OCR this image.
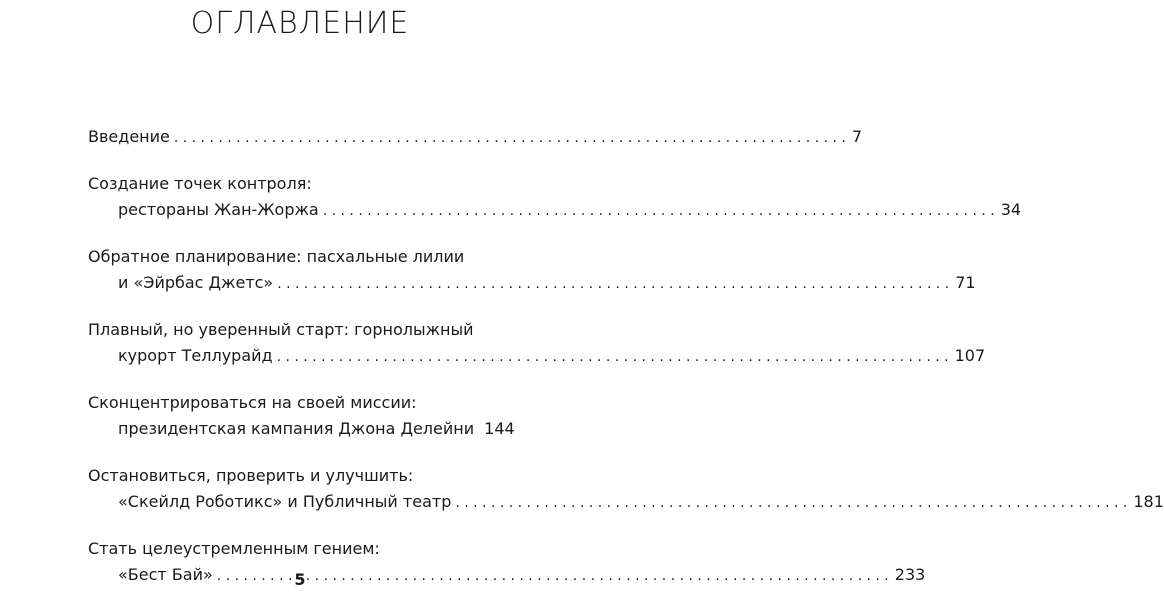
ОГЛАВЛЕНИЕ
Введение . . .	7
Создание точек контроля:
рестораны Жан-Жоржа . . .	34
Обратное планирование: пасхальные лилии
и «Эйрбас Джетс» . . .	71
Плавный, но уверенный старт: горнолыжный
курорт Теллурайд . . .	107
Сконцентрироваться на своей миссии:
президентская кампания Джона Делейни 144
Остановиться, проверить и улучшить:
«Скейлд Роботикс» и Публичный театр . . .	181
Стать целеустремленным гением:
«Бест Бай» . . .	233
5
